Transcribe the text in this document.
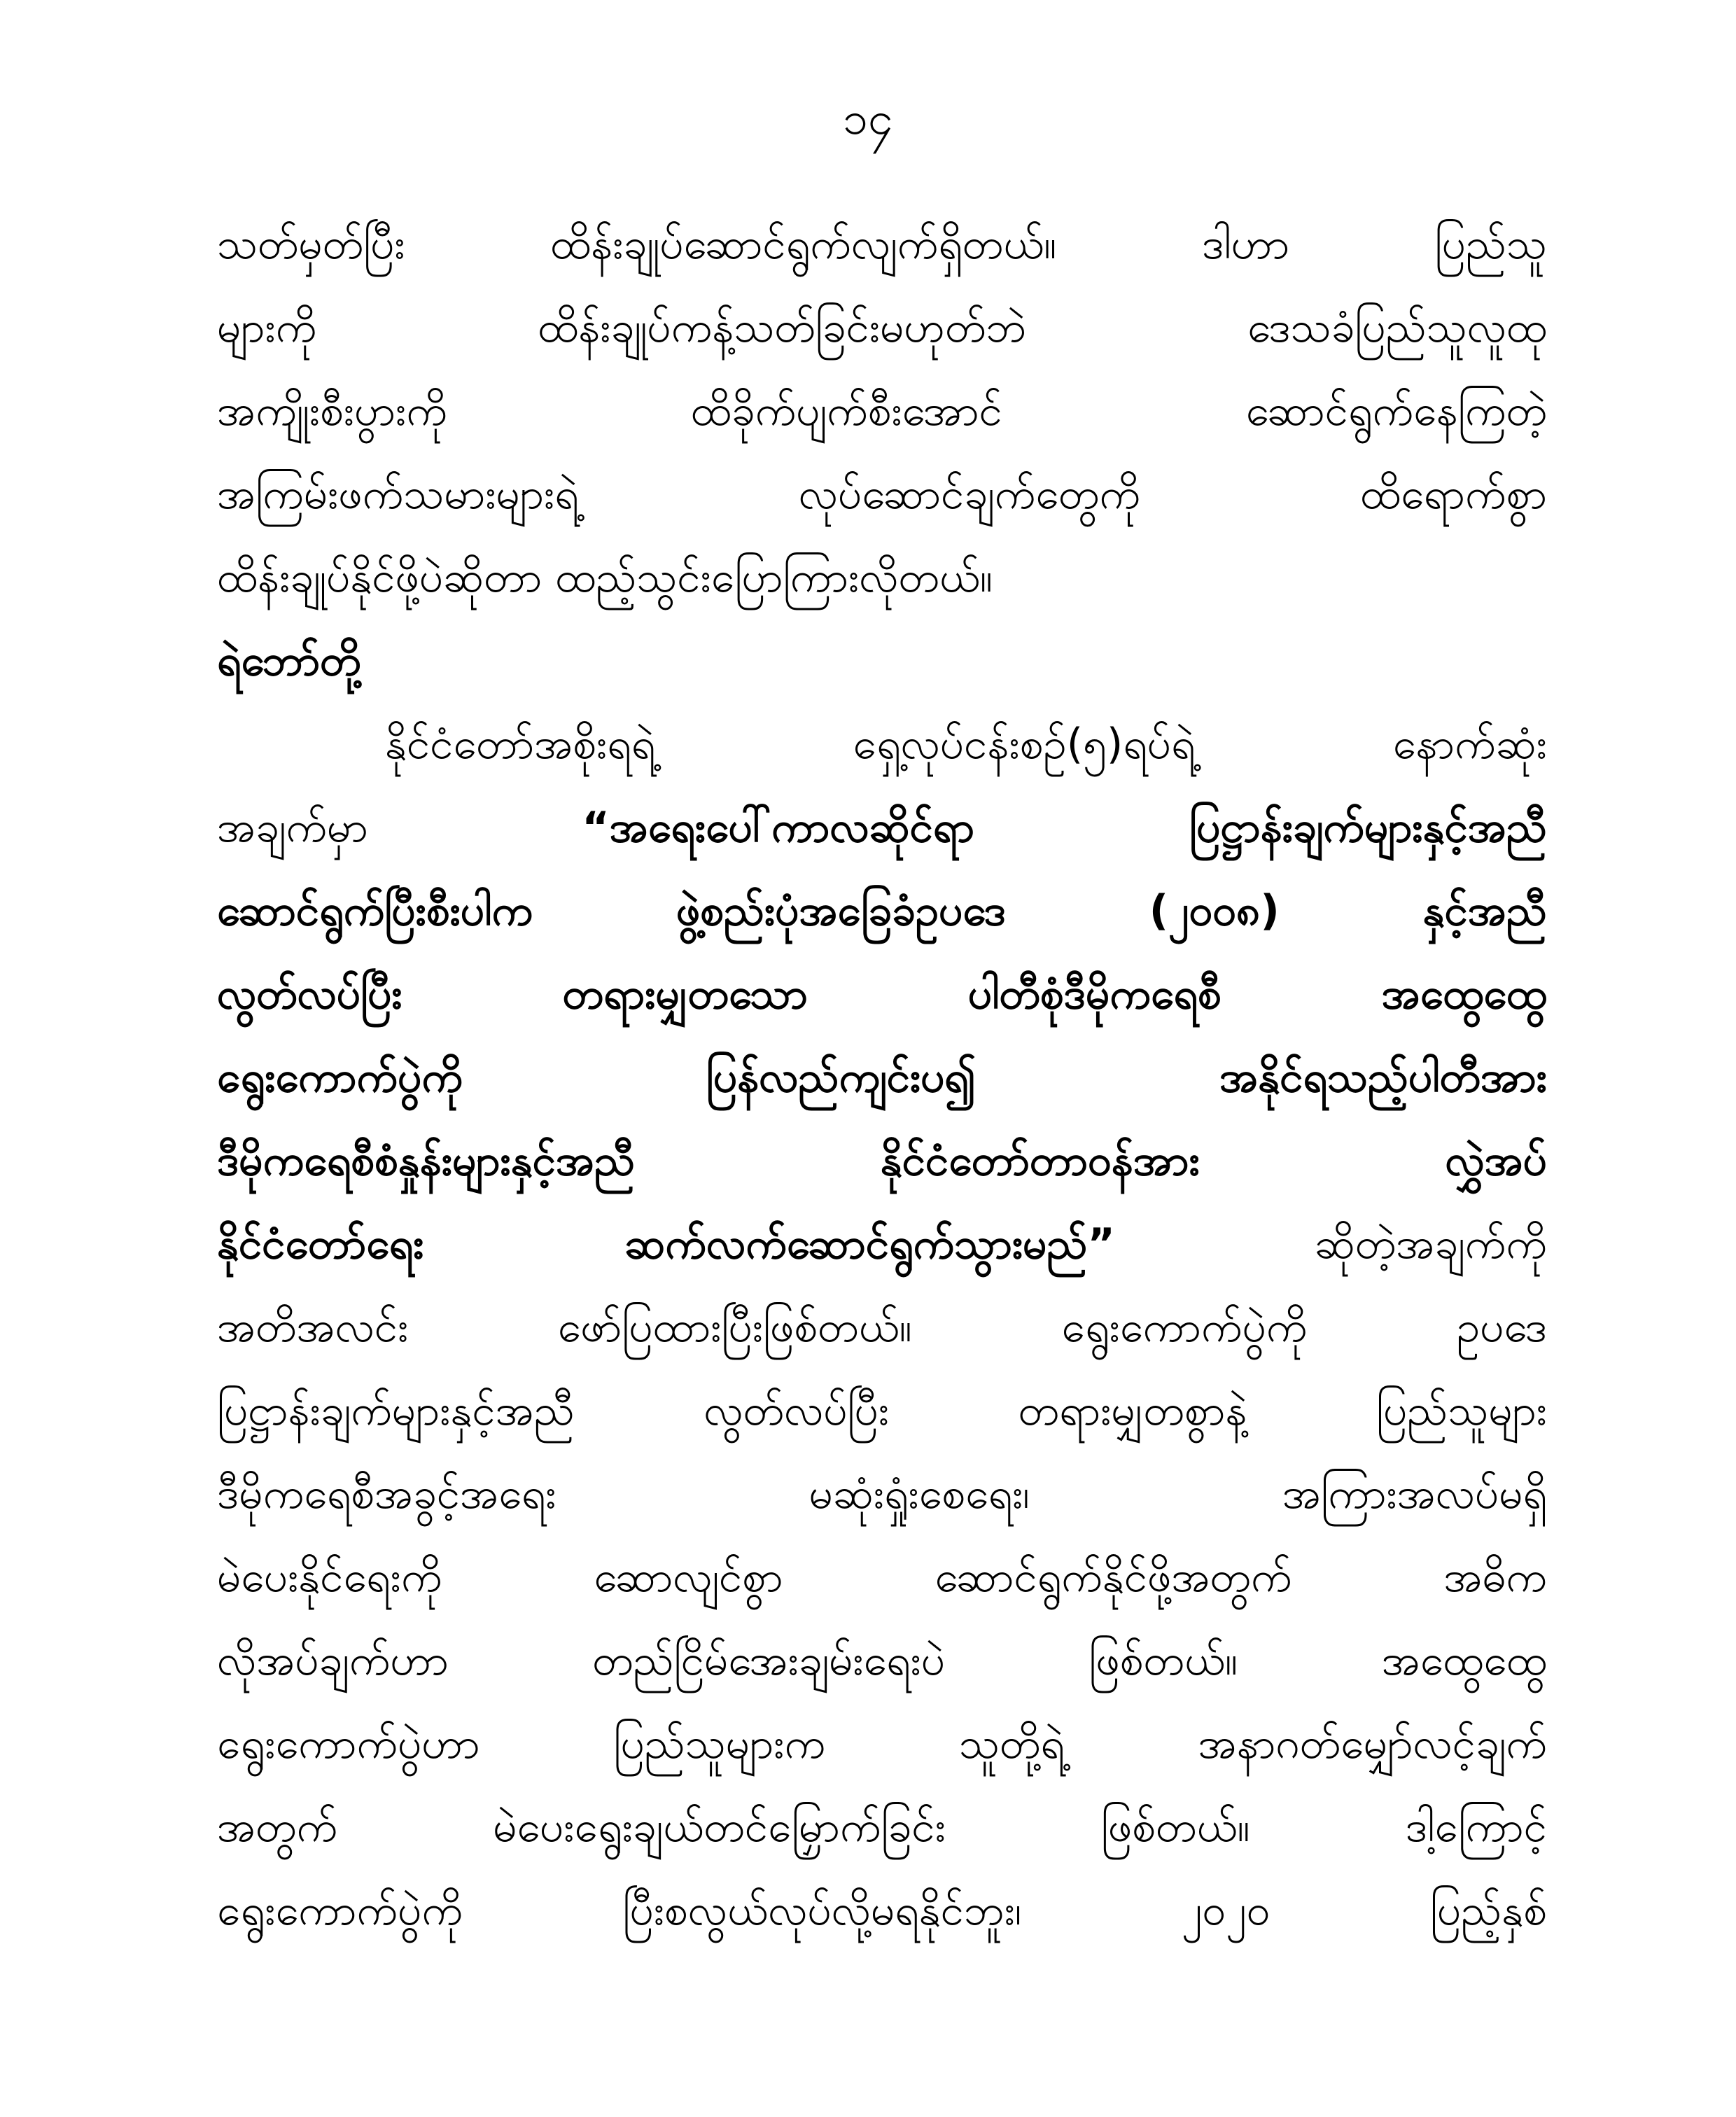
၁၄
သတ်မှတ်ပြီး ထိန်းချုပ်ဆောင်ရွက်လျက်ရှိတယ်။ ဒါဟာ ပြည်သူ
များကို ထိန်းချုပ်ကန့်သတ်ခြင်းမဟုတ်ဘဲ ဒေသခံပြည်သူလူထု
အကျိုးစီးပွားကို ထိခိုက်ပျက်စီးအောင် ဆောင်ရွက်နေကြတဲ့
အကြမ်းဖက်သမားများရဲ့ လုပ်ဆောင်ချက်တွေကို ထိရောက်စွာ
ထိန်းချုပ်နိုင်ဖို့ပဲဆိုတာ ထည့်သွင်းပြောကြားလိုတယ်။
ရဲဘော်တို့
နိုင်ငံတော်အစိုးရရဲ့ ရှေ့လုပ်ငန်းစဉ်(၅)ရပ်ရဲ့ နောက်ဆုံး
အချက်မှာ	“အရေးပေါ်ကာလဆိုင်ရာ ပြဋ္ဌာန်းချက်များနှင့်အညီ
ဆောင်ရွက်ပြီးစီးပါက ဖွဲ့စည်းပုံအခြေခံဥပဒေ (၂၀၀၈) နှင့်အညီ
လွတ်လပ်ပြီး တရားမျှတသော ပါတီစုံဒီမိုကရေစီ အထွေထွေ
ရွေးကောက်ပွဲကို ပြန်လည်ကျင်းပ၍ အနိုင်ရသည့်ပါတီအား
ဒီမိုကရေစီစံနှုန်းများနှင့်အညီ နိုင်ငံတော်တာဝန်အား လွှဲအပ်
နိုင်ငံတော်ရေး ဆက်လက်ဆောင်ရွက်သွားမည်”	ဆိုတဲ့အချက်ကို
အတိအလင်း ဖော်ပြထားပြီးဖြစ်တယ်။ ရွေးကောက်ပွဲကို ဥပဒေ
ပြဋ္ဌာန်းချက်များနှင့်အညီ လွတ်လပ်ပြီး တရားမျှတစွာနဲ့ ပြည်သူများ
ဒီမိုကရေစီအခွင့်အရေး မဆုံးရှုံးစေရေး၊ အကြားအလပ်မရှိ
မဲပေးနိုင်ရေးကို ဆောလျင်စွာ ဆောင်ရွက်နိုင်ဖို့အတွက် အဓိက
လိုအပ်ချက်ဟာ တည်ငြိမ်အေးချမ်းရေးပဲ ဖြစ်တယ်။ အထွေထွေ
ရွေးကောက်ပွဲဟာ ပြည်သူများက သူတို့ရဲ့ အနာဂတ်မျှော်လင့်ချက်
အတွက် မဲပေးရွေးချယ်တင်မြှောက်ခြင်း ဖြစ်တယ်။ ဒါ့ကြောင့်
ရွေးကောက်ပွဲကို ပြီးစလွယ်လုပ်လို့မရနိုင်ဘူး၊ ၂၀၂၀ ပြည့်နှစ်
